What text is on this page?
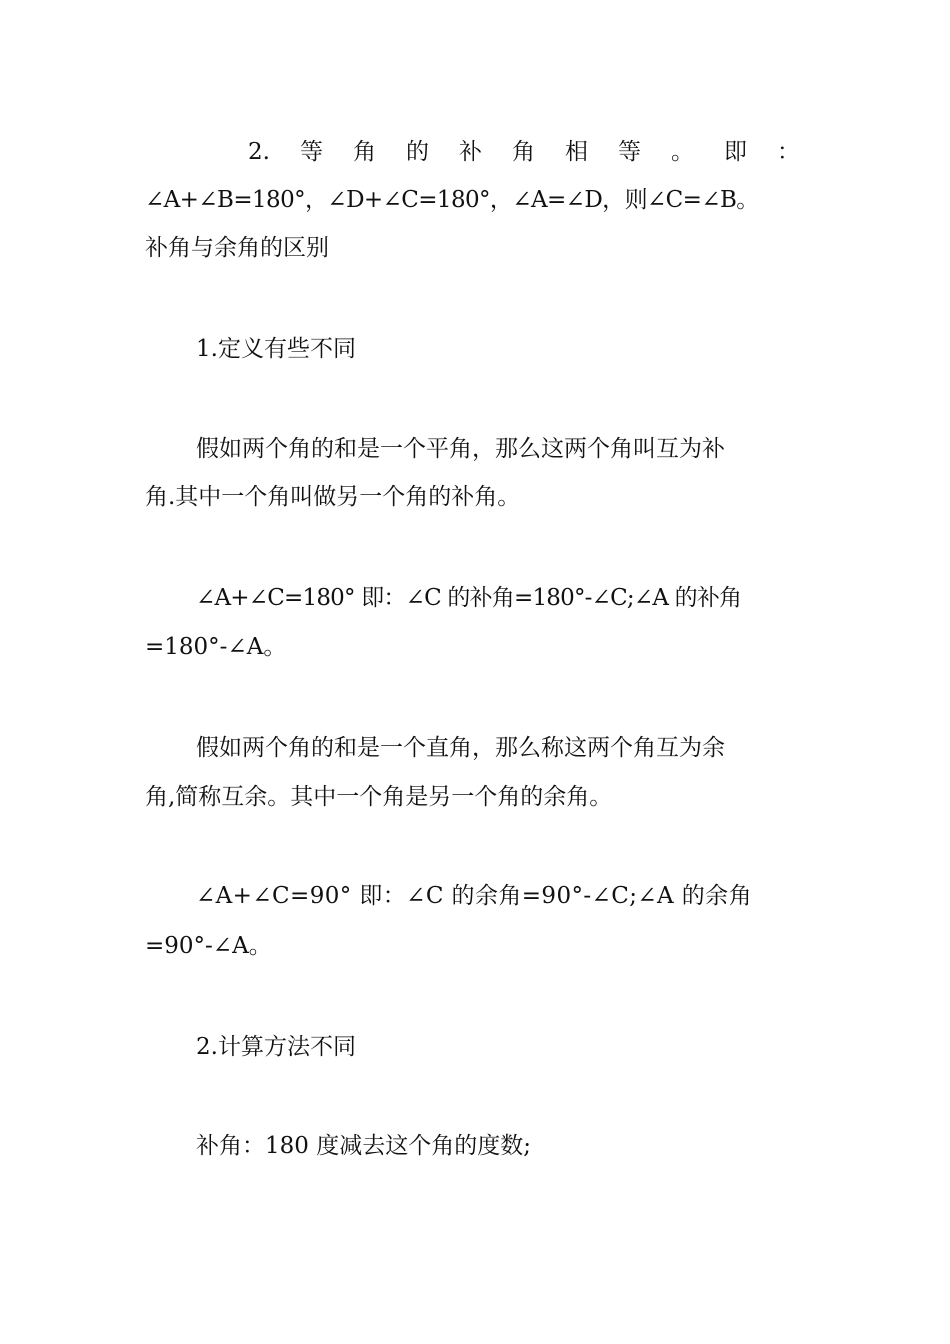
2. 等 角 的 补 角 相 等 。 即 ：
∠A+∠B=180°，∠D+∠C=180°，∠A=∠D，则∠C=∠B。
补角与余角的区别
1.定义有些不同
假如两个角的和是一个平角，那么这两个角叫互为补
角.其中一个角叫做另一个角的补角。
∠A+∠C=180° 即：∠C 的补角=180°-∠C;∠A 的补角
=180°-∠A。
假如两个角的和是一个直角，那么称这两个角互为余
角,简称互余。其中一个角是另一个角的余角。
∠A+∠C=90° 即：∠C 的余角=90°-∠C;∠A 的余角
=90°-∠A。
2.计算方法不同
补角：180 度减去这个角的度数;
